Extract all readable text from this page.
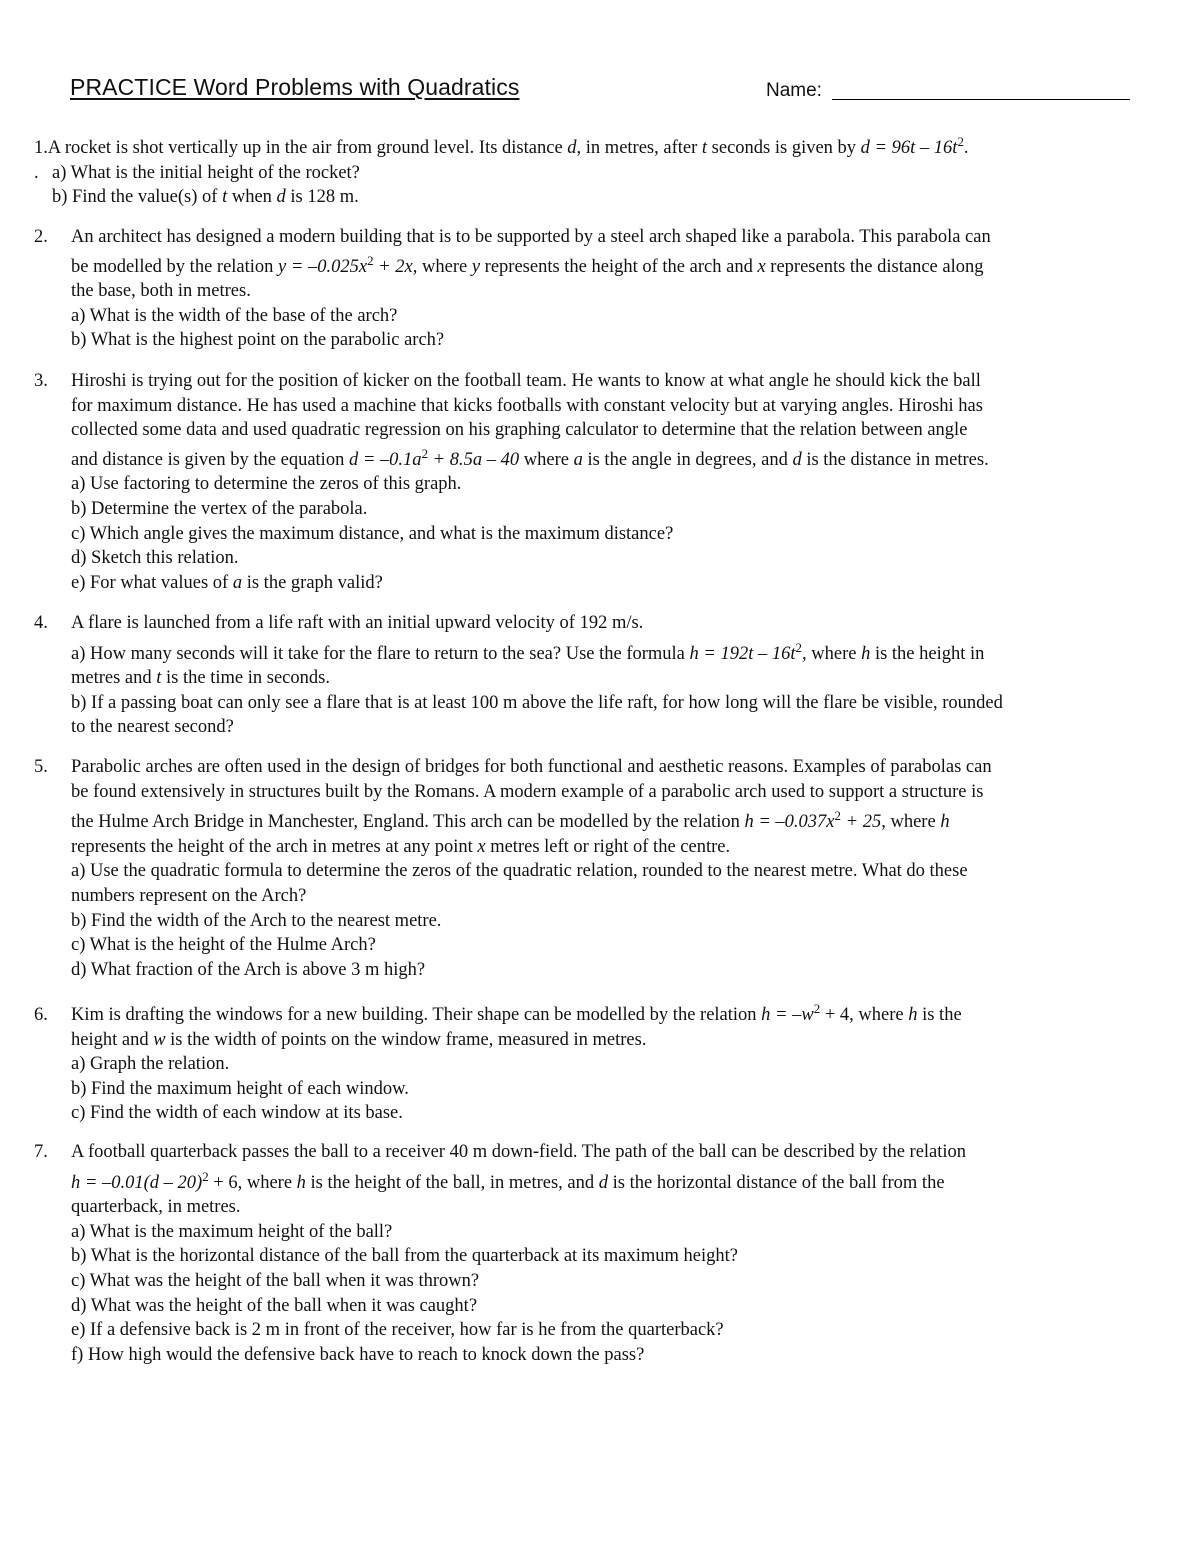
PRACTICE Word Problems with Quadratics	Name:

1.A rocket is shot vertically up in the air from ground level. Its distance d, in metres, after t seconds is given by $d = 96t - 16t^2$.

. a) What is the initial height of the rocket?

b) Find the value(s) of t when d is 128 m.

2. An architect has designed a modern building that is to be supported by a steel arch shaped like a parabola. This parabola can

be modelled by the relation $y = -0.025x^2 + 2x$, where y represents the height of the arch and x represents the distance along

the base, both in metres.

a) What is the width of the base of the arch?

b) What is the highest point on the parabolic arch?

3. Hiroshi is trying out for the position of kicker on the football team. He wants to know at what angle he should kick the ball

for maximum distance. He has used a machine that kicks footballs with constant velocity but at varying angles. Hiroshi has

collected some data and used quadratic regression on his graphing calculator to determine that the relation between angle

and distance is given by the equation $d = -0.1a^2 + 8.5a - 40$ where a is the angle in degrees, and d is the distance in metres.

a) Use factoring to determine the zeros of this graph.

b) Determine the vertex of the parabola.

c) Which angle gives the maximum distance, and what is the maximum distance?

d) Sketch this relation.

e) For what values of a is the graph valid?

4. A flare is launched from a life raft with an initial upward velocity of 192 m/s.

a) How many seconds will it take for the flare to return to the sea? Use the formula $h = 192t - 16t^2$, where h is the height in

metres and t is the time in seconds.

b) If a passing boat can only see a flare that is at least 100 m above the life raft, for how long will the flare be visible, rounded

to the nearest second?

5. Parabolic arches are often used in the design of bridges for both functional and aesthetic reasons. Examples of parabolas can

be found extensively in structures built by the Romans. A modern example of a parabolic arch used to support a structure is

the Hulme Arch Bridge in Manchester, England. This arch can be modelled by the relation $h = -0.037x^2 + 25$, where h

represents the height of the arch in metres at any point x metres left or right of the centre.

a) Use the quadratic formula to determine the zeros of the quadratic relation, rounded to the nearest metre. What do these

numbers represent on the Arch?

b) Find the width of the Arch to the nearest metre.

c) What is the height of the Hulme Arch?

d) What fraction of the Arch is above 3 m high?

6. Kim is drafting the windows for a new building. Their shape can be modelled by the relation $h = -w^2 + 4$, where h is the

height and w is the width of points on the window frame, measured in metres.

a) Graph the relation.

b) Find the maximum height of each window.

c) Find the width of each window at its base.

7. A football quarterback passes the ball to a receiver 40 m down-field. The path of the ball can be described by the relation

h = –0.01(d – 20)$^2$ + 6, where h is the height of the ball, in metres, and d is the horizontal distance of the ball from the

quarterback, in metres.

a) What is the maximum height of the ball?

b) What is the horizontal distance of the ball from the quarterback at its maximum height?

c) What was the height of the ball when it was thrown?

d) What was the height of the ball when it was caught?

e) If a defensive back is 2 m in front of the receiver, how far is he from the quarterback?

f) How high would the defensive back have to reach to knock down the pass?
